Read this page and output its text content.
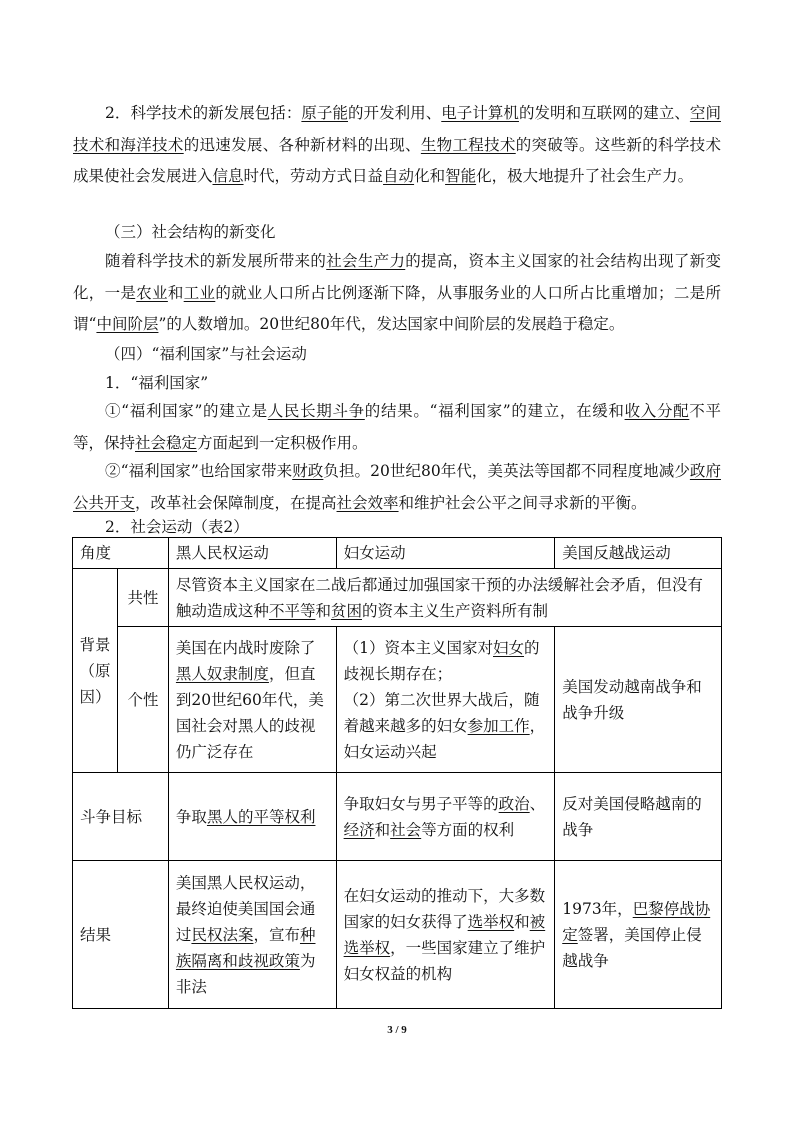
2．科学技术的新发展包括：原子能的开发利用、电子计算机的发明和互联网的建立、空间技术和海洋技术的迅速发展、各种新材料的出现、生物工程技术的突破等。这些新的科学技术成果使社会发展进入信息时代，劳动方式日益自动化和智能化，极大地提升了社会生产力。
（三）社会结构的新变化
随着科学技术的新发展所带来的社会生产力的提高，资本主义国家的社会结构出现了新变化，一是农业和工业的就业人口所占比例逐渐下降，从事服务业的人口所占比重增加；二是所谓“中间阶层”的人数增加。20世纪80年代，发达国家中间阶层的发展趋于稳定。
（四）“福利国家”与社会运动
1．“福利国家”
①“福利国家”的建立是人民长期斗争的结果。“福利国家”的建立，在缓和收入分配不平等，保持社会稳定方面起到一定积极作用。
②“福利国家”也给国家带来财政负担。20世纪80年代，美英法等国都不同程度地减少政府公共开支，改革社会保障制度，在提高社会效率和维护社会公平之间寻求新的平衡。
2．社会运动（表2）
角度		黑人民权运动	妇女运动	美国反越战运动
背景（原因）	共性	尽管资本主义国家在二战后都通过加强国家干预的办法缓解社会矛盾，但没有触动造成这种不平等和贫困的资本主义生产资料所有制		
	个性	美国在内战时废除了黑人奴隶制度，但直到20世纪60年代，美国社会对黑人的歧视仍广泛存在	（1）资本主义国家对妇女的歧视长期存在；
（2）第二次世界大战后，随着越来越多的妇女参加工作，妇女运动兴起	美国发动越南战争和战争升级
斗争目标		争取黑人的平等权利	争取妇女与男子平等的政治、经济和社会等方面的权利	反对美国侵略越南的战争
结果		美国黑人民权运动，最终迫使美国国会通过民权法案，宣布种族隔离和歧视政策为非法	在妇女运动的推动下，大多数国家的妇女获得了选举权和被选举权，一些国家建立了维护妇女权益的机构	1973年，巴黎停战协定签署，美国停止侵越战争
3 / 9
